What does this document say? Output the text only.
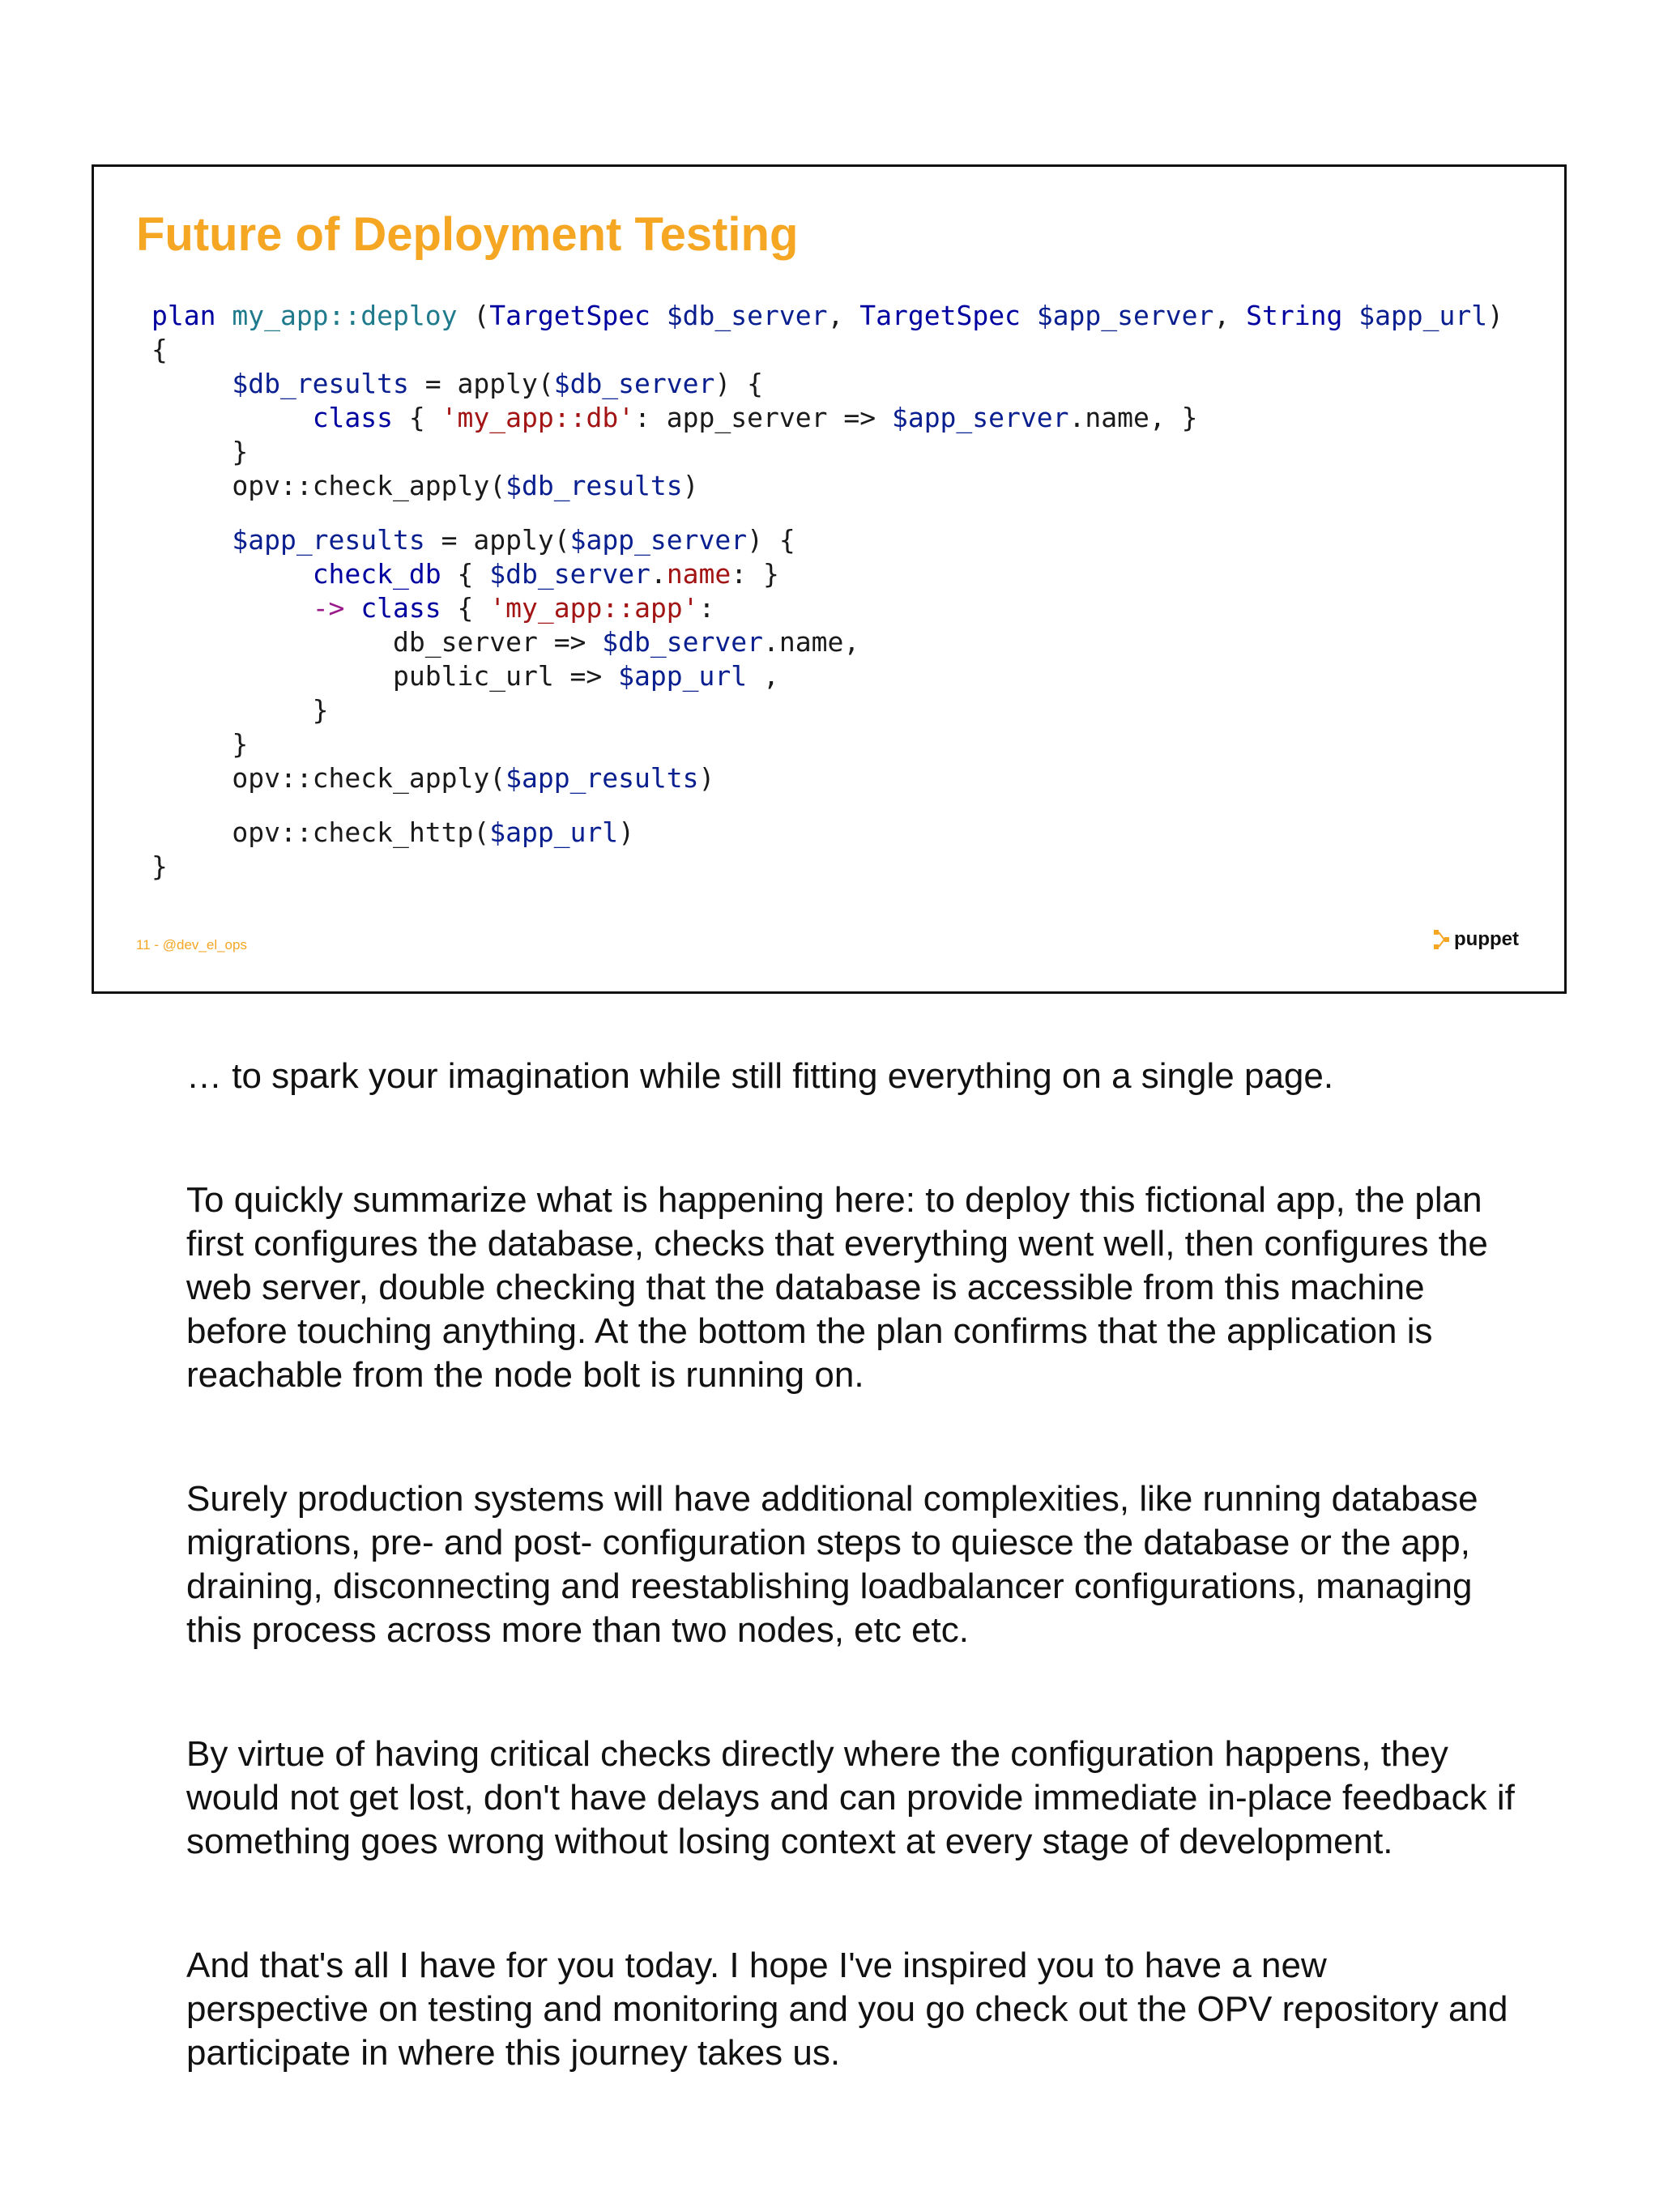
Future of Deployment Testing
plan my_app::deploy (TargetSpec $db_server, TargetSpec $app_server, String $app_url)
{
$db_results = apply($db_server) {
class { 'my_app::db': app_server => $app_server.name, }
}
opv::check_apply($db_results)
$app_results = apply($app_server) {
check_db { $db_server.name: }
-> class { 'my_app::app':
db_server => $db_server.name,
public_url => $app_url ,
}
}
opv::check_apply($app_results)
opv::check_http($app_url)
}
11 - @dev_el_ops	puppet

… to spark your imagination while still fitting everything on a single page.

To quickly summarize what is happening here: to deploy this fictional app, the plan first configures the database, checks that everything went well, then configures the web server, double checking that the database is accessible from this machine before touching anything. At the bottom the plan confirms that the application is reachable from the node bolt is running on.

Surely production systems will have additional complexities, like running database migrations, pre- and post- configuration steps to quiesce the database or the app, draining, disconnecting and reestablishing loadbalancer configurations, managing this process across more than two nodes, etc etc.

By virtue of having critical checks directly where the configuration happens, they would not get lost, don't have delays and can provide immediate in-place feedback if something goes wrong without losing context at every stage of development.

And that's all I have for you today. I hope I've inspired you to have a new perspective on testing and monitoring and you go check out the OPV repository and participate in where this journey takes us.
